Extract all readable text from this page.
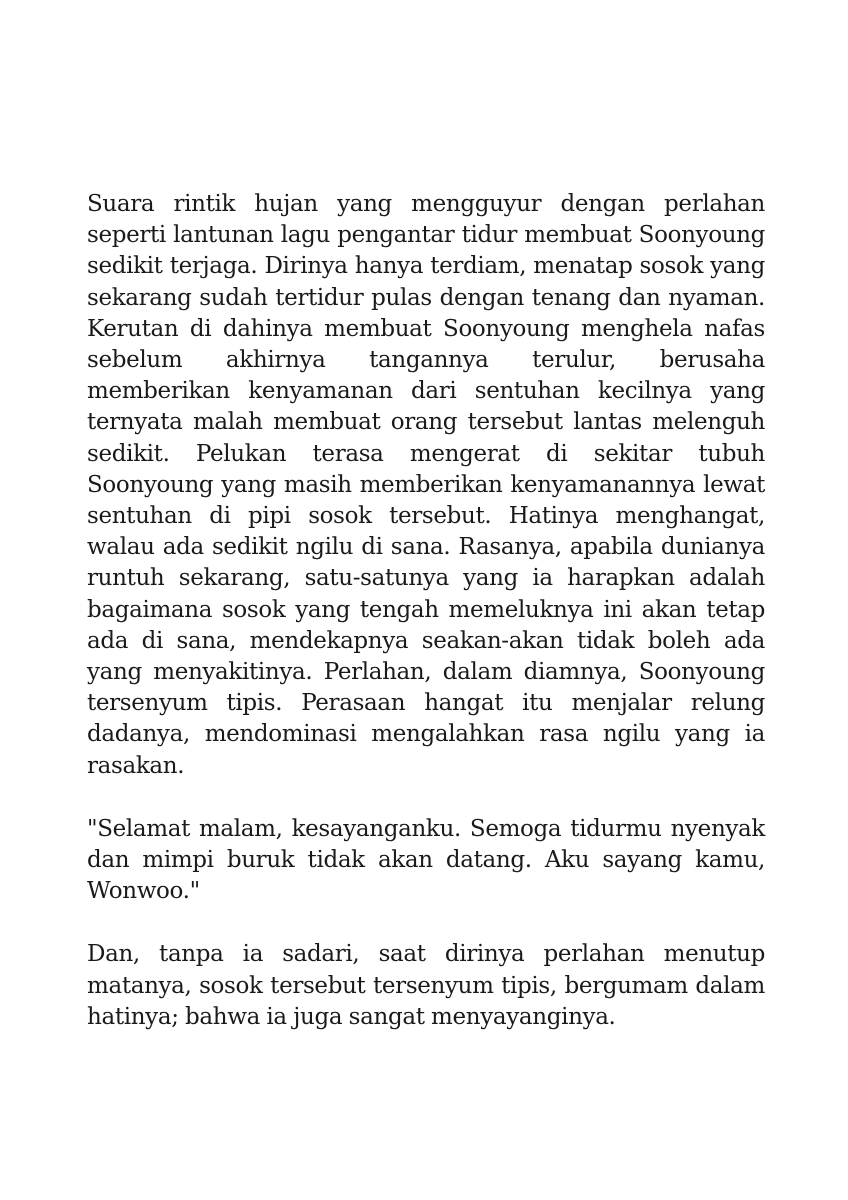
Suara rintik hujan yang mengguyur dengan perlahan seperti lantunan lagu pengantar tidur membuat Soonyoung sedikit terjaga. Dirinya hanya terdiam, menatap sosok yang sekarang sudah tertidur pulas dengan tenang dan nyaman. Kerutan di dahinya membuat Soonyoung menghela nafas sebelum akhirnya tangannya terulur, berusaha memberikan kenyamanan dari sentuhan kecilnya yang ternyata malah membuat orang tersebut lantas melenguh sedikit. Pelukan terasa mengerat di sekitar tubuh Soonyoung yang masih memberikan kenyamanannya lewat sentuhan di pipi sosok tersebut. Hatinya menghangat, walau ada sedikit ngilu di sana. Rasanya, apabila dunianya runtuh sekarang, satu-satunya yang ia harapkan adalah bagaimana sosok yang tengah memeluknya ini akan tetap ada di sana, mendekapnya seakan-akan tidak boleh ada yang menyakitinya. Perlahan, dalam diamnya, Soonyoung tersenyum tipis. Perasaan hangat itu menjalar relung dadanya, mendominasi mengalahkan rasa ngilu yang ia rasakan.

"Selamat malam, kesayanganku. Semoga tidurmu nyenyak dan mimpi buruk tidak akan datang. Aku sayang kamu, Wonwoo."

Dan, tanpa ia sadari, saat dirinya perlahan menutup matanya, sosok tersebut tersenyum tipis, bergumam dalam hatinya; bahwa ia juga sangat menyayanginya.
